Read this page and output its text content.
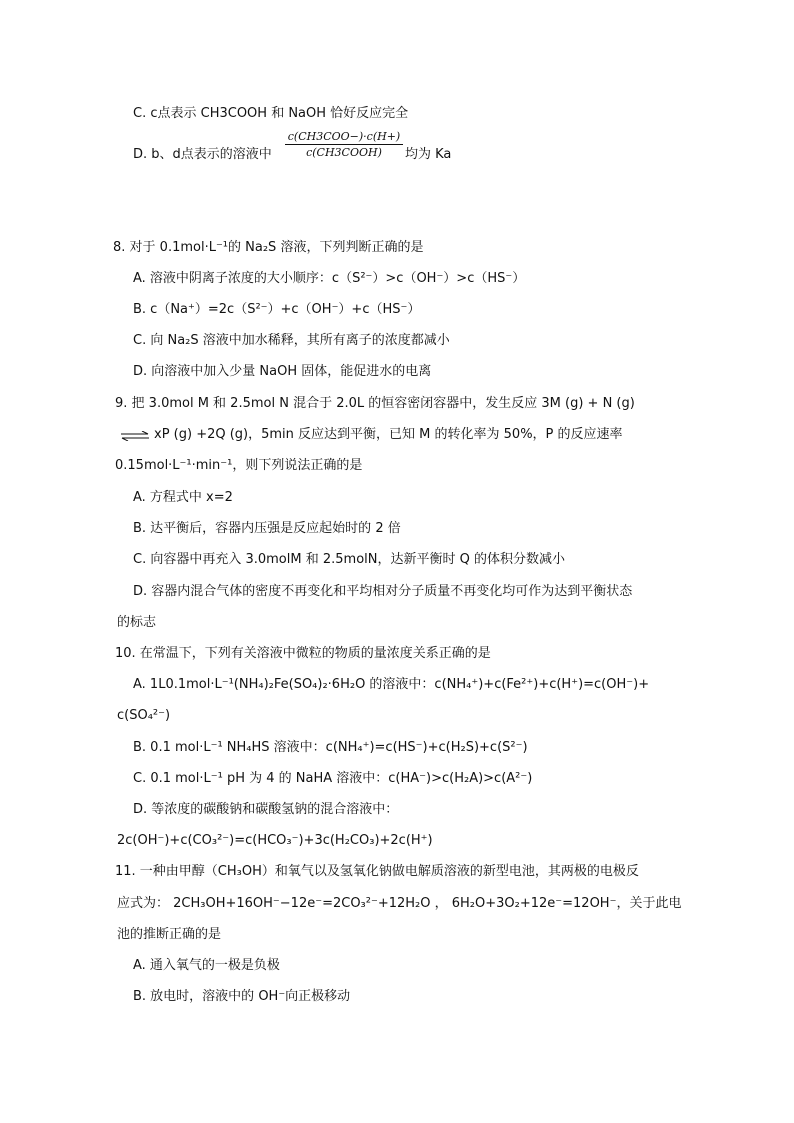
C. c点表示 CH3COOH 和 NaOH 恰好反应完全
D. b、d点表示的溶液中
c(CH3COO−)·c(H+)
c(CH3COOH)	均为 Ka
8. 对于 0.1mol·L⁻¹的 Na₂S 溶液，下列判断正确的是
A. 溶液中阴离子浓度的大小顺序：c（S²⁻）>c（OH⁻）>c（HS⁻）
B. c（Na⁺）=2c（S²⁻）+c（OH⁻）+c（HS⁻）
C. 向 Na₂S 溶液中加水稀释，其所有离子的浓度都减小
D. 向溶液中加入少量 NaOH 固体，能促进水的电离
9. 把 3.0mol M 和 2.5mol N 混合于 2.0L 的恒容密闭容器中，发生反应 3M (g) + N (g)
⇌ xP (g) +2Q (g)，5min 反应达到平衡，已知 M 的转化率为 50%，P 的反应速率
0.15mol·L⁻¹·min⁻¹，则下列说法正确的是
A. 方程式中 x=2
B. 达平衡后，容器内压强是反应起始时的 2 倍
C. 向容器中再充入 3.0molM 和 2.5molN，达新平衡时 Q 的体积分数减小
D. 容器内混合气体的密度不再变化和平均相对分子质量不再变化均可作为达到平衡状态
的标志
10. 在常温下，下列有关溶液中微粒的物质的量浓度关系正确的是
A. 1L0.1mol·L⁻¹(NH₄)₂Fe(SO₄)₂·6H₂O 的溶液中：c(NH₄⁺)+c(Fe²⁺)+c(H⁺)=c(OH⁻)+
c(SO₄²⁻)
B. 0.1 mol·L⁻¹ NH₄HS 溶液中：c(NH₄⁺)=c(HS⁻)+c(H₂S)+c(S²⁻)
C. 0.1 mol·L⁻¹ pH 为 4 的 NaHA 溶液中：c(HA⁻)>c(H₂A)>c(A²⁻)
D. 等浓度的碳酸钠和碳酸氢钠的混合溶液中：
2c(OH⁻)+c(CO₃²⁻)=c(HCO₃⁻)+3c(H₂CO₃)+2c(H⁺)
11. 一种由甲醇（CH₃OH）和氧气以及氢氧化钠做电解质溶液的新型电池，其两极的电极反
应式为： 2CH₃OH+16OH⁻−12e⁻=2CO₃²⁻+12H₂O ， 6H₂O+3O₂+12e⁻=12OH⁻，关于此电
池的推断正确的是
A. 通入氧气的一极是负极
B. 放电时，溶液中的 OH⁻向正极移动
